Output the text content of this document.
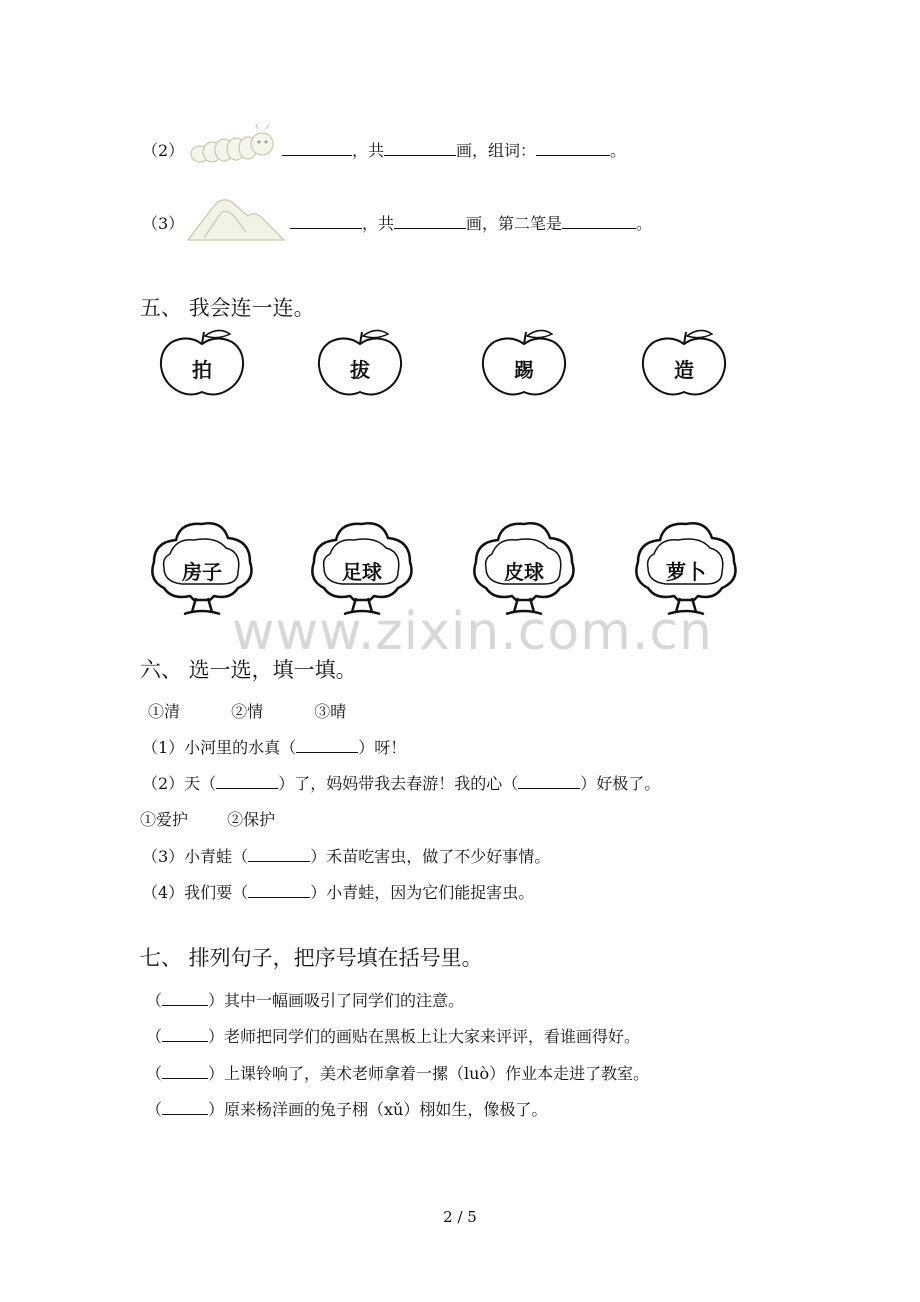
（2）	，共	画，组词：	。
（3）	，共	画，第二笔是	。
五、 我会连一连。
拍	拔	踢	造
房子	足球	皮球	萝卜
www.zixin.com.cn
六、 选一选，填一填。
①清	②情	③晴
（1）小河里的水真（	）呀！
（2）天（	）了，妈妈带我去春游！我的心（	）好极了。
①爱护 ②保护
（3）小青蛙（	）禾苗吃害虫，做了不少好事情。
（4）我们要（	）小青蛙，因为它们能捉害虫。
七、 排列句子，把序号填在括号里。
（	）其中一幅画吸引了同学们的注意。
（	）老师把同学们的画贴在黑板上让大家来评评，看谁画得好。
（	）上课铃响了，美术老师拿着一摞（luò）作业本走进了教室。
（	）原来杨洋画的兔子栩（xǔ）栩如生，像极了。
2 / 5
